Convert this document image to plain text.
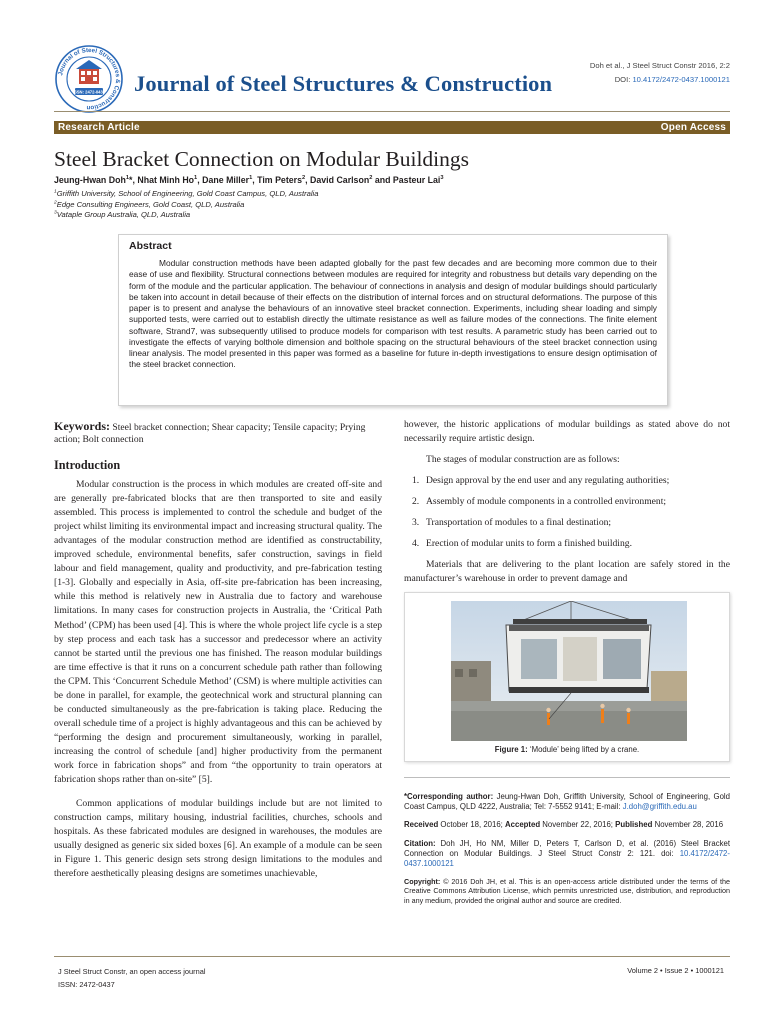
Journal of Steel Structures & Construction
ISSN: 2472-0437 Journal of Steel Structures & Construction
Doh et al., J Steel Struct Constr 2016, 2:2
DOI: 10.4172/2472-0437.1000121
Research Article	Open Access
Steel Bracket Connection on Modular Buildings
Jeung-Hwan Doh$^1$*, Nhat Minh Ho$^1$, Dane Miller$^1$, Tim Peters$^2$, David Carlson$^2$ and Pasteur Lai$^3$
$^1$Griffith University, School of Engineering, Gold Coast Campus, QLD, Australia
$^2$Edge Consulting Engineers, Gold Coast, QLD, Australia
$^3$Vataple Group Australia, QLD, Australia
Abstract

Modular construction methods have been adapted globally for the past few decades and are becoming more common due to their ease of use and flexibility. Structural connections between modules are required for integrity and robustness but details vary depending on the form of the module and the particular application. The behaviour of connections in analysis and design of modular buildings should particularly be taken into account in detail because of their effects on the distribution of internal forces and on structural deformations. The purpose of this paper is to present and analyse the behaviours of an innovative steel bracket connection. Experiments, including shear loading and simply supported tests, were carried out to establish directly the ultimate resistance as well as failure modes of the connections. The finite element software, Strand7, was subsequently utilised to produce models for comparison with test results. A parametric study has been carried out to investigate the effects of varying bolthole dimension and bolthole spacing on the structural behaviours of the steel bracket connection using linear analysis. The model presented in this paper was formed as a baseline for future in-depth investigations to ensure design optimisation of the steel bracket connection.

Keywords: Steel bracket connection; Shear capacity; Tensile capacity; Prying action; Bolt connection

Introduction

Modular construction is the process in which modules are created off-site and are generally pre-fabricated blocks that are then transported to site and easily assembled. This process is implemented to control the schedule and budget of the project whilst limiting its environmental impact and increasing structural quality. The advantages of the modular construction method are identified as constructability, improved schedule, environmental benefits, safer construction, savings in field labour and field management, quality and productivity, and pre-fabrication testing [1-3]. Globally and especially in Asia, off-site pre-fabrication has been increasing, while this method is relatively new in Australia due to factory and warehouse limitations. In many cases for construction projects in Australia, the ‘Critical Path Method’ (CPM) has been used [4]. This is where the whole project life cycle is a step by step process and each task has a successor and predecessor where an activity cannot be started until the previous one has finished. The reason modular buildings are time effective is that it runs on a concurrent schedule path rather than following the CPM. This ‘Concurrent Schedule Method’ (CSM) is where multiple activities can be done in parallel, for example, the geotechnical work and structural planning can be conducted simultaneously as the pre-fabrication is taking place. Reducing the overall schedule time of a project is highly advantageous and this can be achieved by “performing the design and procurement simultaneously, working in parallel, increasing the control of schedule [and] higher productivity from the permanent work force in fabrication shops” and from “the opportunity to train operators at fabrication shops rather than on-site” [5].

Common applications of modular buildings include but are not limited to construction camps, military housing, industrial facilities, churches, schools and hospitals. As these fabricated modules are designed in warehouses, the modules are usually designed as generic six sided boxes [6]. An example of a module can be seen in Figure 1. This generic design sets strong design limitations to the modules and therefore aesthetically pleasing designs are sometimes unachievable,

however, the historic applications of modular buildings as stated above do not necessarily require artistic design.

The stages of modular construction are as follows:

1. Design approval by the end user and any regulating authorities;
2. Assembly of module components in a controlled environment;
3. Transportation of modules to a final destination;
4. Erection of modular units to form a finished building.

Materials that are delivering to the plant location are safely stored in the manufacturer’s warehouse in order to prevent damage and

Figure 1: ‘Module’ being lifted by a crane.

*Corresponding author: Jeung-Hwan Doh, Griffith University, School of Engineering, Gold Coast Campus, QLD 4222, Australia; Tel: 7-5552 9141; E-mail: J.doh@griffith.edu.au

Received October 18, 2016; Accepted November 22, 2016; Published November 28, 2016

Citation: Doh JH, Ho NM, Miller D, Peters T, Carlson D, et al. (2016) Steel Bracket Connection on Modular Buildings. J Steel Struct Constr 2: 121. doi: 10.4172/2472-0437.1000121

Copyright: © 2016 Doh JH, et al. This is an open-access article distributed under the terms of the Creative Commons Attribution License, which permits unrestricted use, distribution, and reproduction in any medium, provided the original author and source are credited.

J Steel Struct Constr, an open access journal
ISSN: 2472-0437
Volume 2 • Issue 2 • 1000121
